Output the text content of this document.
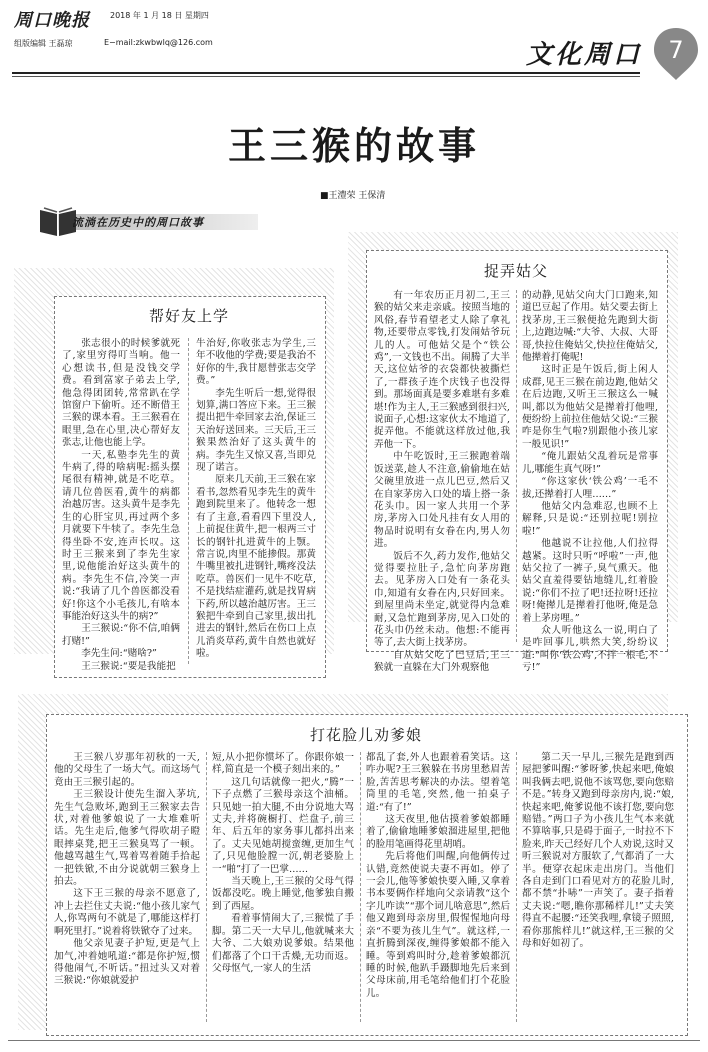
周口晚报	2018 年 1 月 18 日 星期四
组版编辑 王磊琼	E−mail:zkwbwlq@126.com	文化周口 7
王三猴的故事
■王澧荣 王保清
流淌在历史中的周口故事
帮好友上学

张志很小的时候爹就死了,家里穷得叮当响。他一心想读书,但是没钱交学费。看到富家子弟去上学,他急得团团转,常常趴在学馆窗户下偷听。还不断借王三猴的课本看。王三猴看在眼里,急在心里,决心帮好友张志,让他也能上学。

一天,私塾李先生的黄牛病了,得的啥病呢:摇头摆尾很有精神,就是不吃草。请几位兽医看,黄牛的病都治越厉害。这头黄牛是李先生的心肝宝贝,再过两个多月就要下牛犊了。李先生急得坐卧不安,连声长叹。这时王三猴来到了李先生家里,说他能治好这头黄牛的病。李先生不信,冷笑一声说:“我请了几个兽医都没看好!你这个小毛孩儿,有啥本事能治好这头牛的病?”

王三猴说:“你不信,咱俩打赌!”

李先生问:“赌啥?”

王三猴说:“要是我能把

牛治好,你收张志为学生,三年不收他的学费;要是我治不好你的牛,我甘愿替张志交学费。”

李先生听后一想,觉得很划算,满口答应下来。王三猴提出把牛牵回家去治,保证三天治好送回来。三天后,王三猴果然治好了这头黄牛的病。李先生又惊又喜,当即兑现了诺言。

原来几天前,王三猴在家看书,忽然看见李先生的黄牛跑到院里来了。他转念一想有了主意,看看四下里没人,上前捉住黄牛,把一根两三寸长的钢针扎进黄牛的上颚。常言说,肉里不能掺假。那黄牛嘴里被扎进钢针,嘴疼没法吃草。兽医们一见牛不吃草,不是找结症灌药,就是找胃病下药,所以越治越厉害。王三猴把牛牵到自己家里,拔出扎进去的钢针,然后在伤口上点儿消炎草药,黄牛自然也就好啦。

捉弄姑父

有一年农历正月初二,王三猴的姑父来走亲戚。按照当地的风俗,春节看望老丈人除了拿礼物,还要带点零钱,打发闹姑爷玩儿的人。可他姑父是个“铁公鸡”,一文钱也不出。闹腾了大半天,这位姑爷的衣袋都快被撕烂了,一群孩子连个庆钱子也没得到。那场面真是要多难堪有多难堪!作为主人,王三猴感到很扫兴,说面子,心想:这家伙太不地道了,捉弄他。不能就这样放过他,我弄他一下。

中午吃饭时,王三猴跑着端饭送菜,趁人不注意,偷偷地在姑父碗里放进一点儿巴豆,然后又在自家茅房入口处的墙上搭一条花头巾。因一家人共用一个茅房,茅房入口处凡挂有女人用的物品时说明有女眷在内,男人勿进。

饭后不久,药力发作,他姑父觉得要拉肚子,急忙向茅房跑去。见茅房入口处有一条花头巾,知道有女眷在内,只好回来。到屋里尚未坐定,就觉得内急难耐,又急忙跑到茅房,见入口处的花头巾仍丝未动。他想:不能再等了,去大街上找茅房。

自从姑父吃了巴豆后,王三猴就一直躲在大门外观察他

的动静,见姑父向大门口跑来,知道巴豆起了作用。姑父要去街上找茅房,王三猴便抢先跑到大街上,边跑边喊:“大爷、大叔、大哥哥,快拉住俺姑父,快拉住俺姑父,他撵着打俺呢!

这时正是午饭后,街上闲人成群,见王三猴在前边跑,他姑父在后边跑,又听王三猴这么一喊叫,都以为他姑父是撵着打他哩,便纷纷上前拉住他姑父说:“三猴咋是你生气啦?别跟他小孩儿家一般见识!”

“俺儿跟姑父乱着玩是常事儿,哪能生真气呀!”

“你这家伙‘铁公鸡’一毛不拔,还撵着打人哩……”

他姑父内急难忍,也顾不上解释,只是说:“还别拉呢!别拉啦!”

他越说不让拉他,人们拉得越紧。这时只听“呼啦”一声,他姑父拉了一裤子,臭气熏天。他姑父直羞得要钻地缝儿,红着脸说:“你们不拉了吧!还拉呀!还拉呀!俺撵儿是撵着打他呀,俺是急着上茅房哩。”

众人听他这么一说,明白了是咋回事儿,哄然大笑,纷纷议道:“叫你‘铁公鸡’,不拌一根毛,不亏!”

打花脸儿劝爹娘

王三猴八岁那年初秋的一天,他的父母生了一场大气。而这场气竟由王三猴引起的。

王三猴设计使先生溜入茅坑,先生气急败坏,跑到王三猴家去告状,对着他爹娘说了一大堆难听话。先生走后,他爹气得吹胡子瞪眼摔桌凳,把王三猴臭骂了一顿。他越骂越生气,骂着骂着随手拾起一把铁锨,不由分说就朝三猴身上拍去。

这下王三猴的母亲不愿意了,冲上去拦住丈夫说:“他小孩儿家气人,你骂两句不就是了,哪能这样打啊死里打。”说着将铁锨夺了过来。

他父亲见妻子护短,更是气上加气,冲着她吼道:“都是你护短,惯得他闹气,不听话。”扭过头又对着三猴说:“你娘就爱护

短,从小把你惯坏了。你跟你娘一样,简直是一个模子刻出来的。”

这几句话就像一把火,“腾”一下子点燃了三猴母亲这个油桶。只见她一拍大腿,不由分说地大骂丈夫,并将碗橱打、烂盘子,前三年、后五年的家务事儿都抖出来了。丈夫见她胡搅蛮缠,更加生气了,只见他脸膛一沉,朝老婆脸上一“啪”打了一巴掌……

当天晚上,王三猴的父母气得饭都没吃。晚上睡觉,他爹独自搬到了西屋。

看着事情闹大了,三猴慌了手脚。第二天一大早儿,他就喊来大大爷、二大娘劝说爹娘。结果他们都落了个口干舌燥,无功而返。父母怄气,一家人的生活

都乱了套,外人也跟着看笑话。这咋办呢?王三猴躲在书房里愁眉苦脸,苦苦思考解决的办法。望着笔筒里的毛笔,突然,他一拍桌子道:“有了!”

这天夜里,他估摸着爹娘都睡着了,偷偷地睡爹娘溜进屋里,把他的脸用笔画得花里胡哨。

先后将他们叫醒,向他俩传过认错,竟然使说夫妻不再如。停了一会儿,他等爹娘快要入睡,又拿着书本要俩作样地向父亲请教“这个字儿咋读”“那个词儿啥意思”,然后他又跑到母亲房里,假惺惺地向母亲“不要为孩儿生气”。就这样,一直折腾到深夜,缠得爹娘都不能入睡。等到鸡叫时分,趁着爹娘都沉睡的时候,他趴手蹑脚地先后来到父母床前,用毛笔给他们打个花脸儿。

第二天一早儿,三猴先是跑到西屋把爹叫醒:“爹呀爹,快起来吧,俺娘叫我俩去吧,说他不该骂您,要向您赔不是。”转身又跑到母亲房内,说:“娘,快起来吧,俺爹说他不该打您,要向您赔错。”两口子为小孩儿生气本来就不算啥事,只是碍于面子,一时拉不下脸来,昨天己经好几个人劝说,这时又听三猴说对方服软了,气都消了一大半。便穿衣起床走出房门。当他们各自走到门口看见对方的花脸儿时,都不禁“扑哧”一声笑了。妻子指着丈夫说:“嗯,瞧你那稀样儿!”丈夫笑得直不起腰:“还笑我哩,拿镜子照照,看你那熊样儿!”就这样,王三猴的父母和好如初了。
